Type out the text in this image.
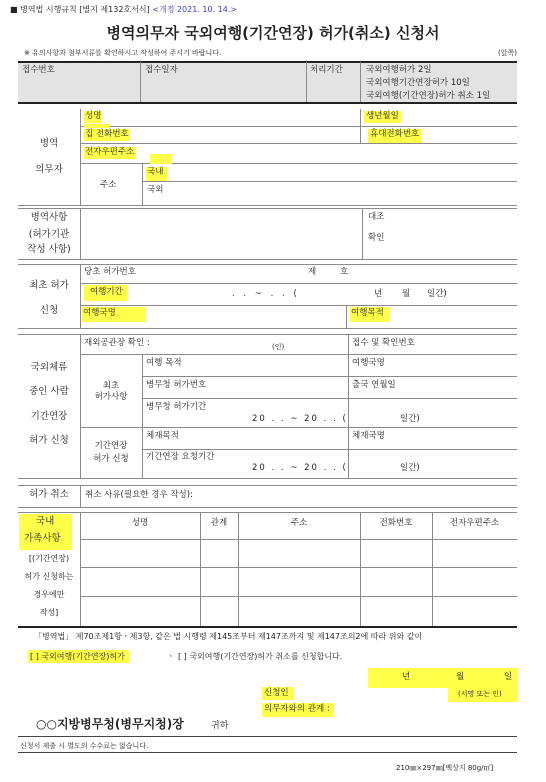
■ 병역법 시행규칙 [별지 제132호서식] <개정 2021. 10. 14.>
병역의무자 국외여행(기간연장) 허가(취소) 신청서
※ 유의사항과 첨부서류를 확인하시고 작성하여 주시기 바랍니다.	(앞쪽)
접수번호	접수일자	처리기간	국외여행허가 2일
국외여행기간연장허가 10일
국외여행(기간연장)허가 취소 1일
병역
의무자
성명	생년월일
집 전화번호	휴대전화번호
전자우편주소
주소
국내
국외
병역사항
(허가기관
작성 사항)
대조
확인
최초 허가
신청
당초 허가번호	제	호
여행기간	. . ~ . . (	년 월 일간)
여행국명	여행목적
국외체류
중인 사람
기간연장
허가 신청
재외공관장 확인 :	(인)	접수 및 확인번호
최초
허가사항
여행 목적	여행국명
병무청 허가번호	출국 연월일
병무청 허가기간
20 . . ~ 20 . . (	일간)
기간연장
허가 신청
체재목적	체재국명
기간연장 요청기간
20 . . ~ 20 . . (	일간)
허가 취소	취소 사유(필요한 경우 작성):
성명	관계	주소	전화번호	전자우편주소
국내
가족사항
[(기간연장)
허가 신청하는
경우에만
작성]
「병역법」 제70조제1항ㆍ제3항, 같은 법 시행령 제145조부터 제147조까지 및 제147조의2에 따라 위와 같이
[ ] 국외여행(기간연장)허가	ㆍ [ ] 국외여행(기간연장)허가 취소를 신청합니다.
년	월	일
(서명 또는 인)
신청인
의무자와의 관계 :
○○지방병무청(병무지청)장	귀하
신청서 제출 시 별도의 수수료는 없습니다.
210㎜×297㎜[백상지 80g/㎡]
